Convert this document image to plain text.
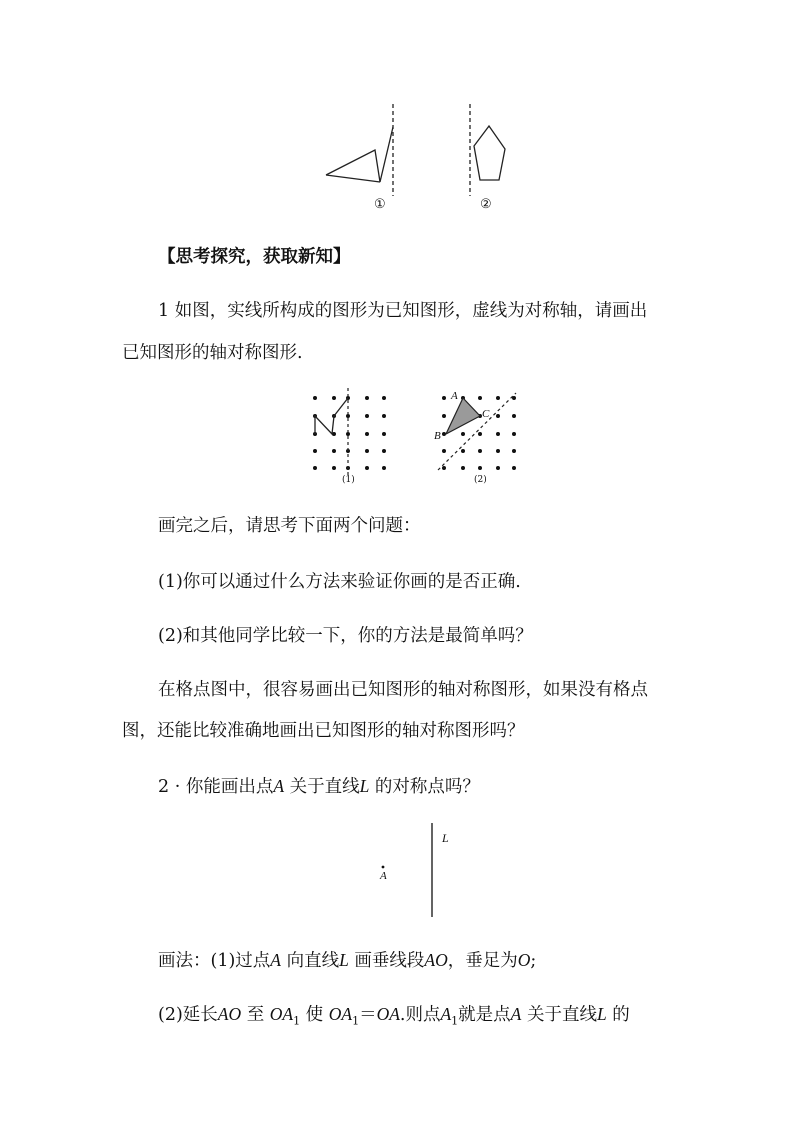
①	②
【思考探究，获取新知】
1 如图，实线所构成的图形为已知图形，虚线为对称轴，请画出
已知图形的轴对称图形.
A
B
C
(1)	(2)
画完之后，请思考下面两个问题：
(1)你可以通过什么方法来验证你画的是否正确.
(2)和其他同学比较一下，你的方法是最简单吗？
在格点图中，很容易画出已知图形的轴对称图形，如果没有格点
图，还能比较准确地画出已知图形的轴对称图形吗？
2 · 你能画出点A 关于直线L 的对称点吗？
L
A
画法：(1)过点A 向直线L 画垂线段AO，垂足为O;
(2)延长AO 至 $OA_1$ 使 $OA_1=OA$.则点$A_1$就是点A 关于直线L 的
